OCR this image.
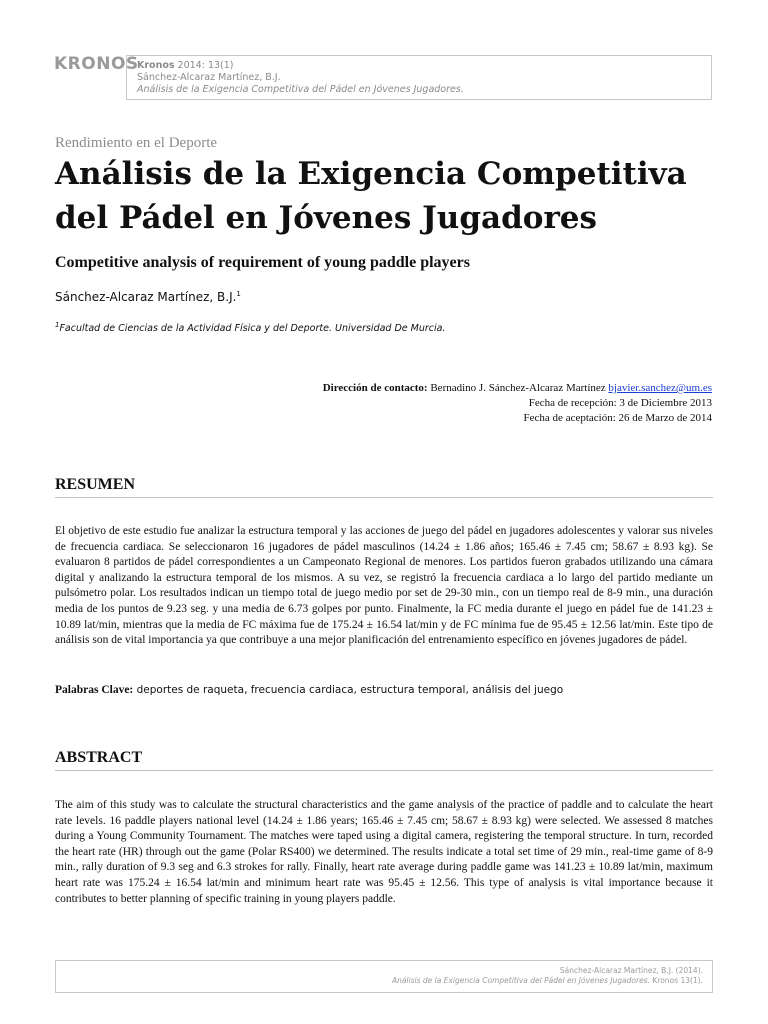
KRONOS
Kronos 2014: 13(1)
Sánchez-Alcaraz Martínez, B.J.
Análisis de la Exigencia Competitiva del Pádel en Jóvenes Jugadores.
Rendimiento en el Deporte
Análisis de la Exigencia Competitiva del Pádel en Jóvenes Jugadores
Competitive analysis of requirement of young paddle players
Sánchez-Alcaraz Martínez, B.J.$^1$
$^1$Facultad de Ciencias de la Actividad Física y del Deporte. Universidad De Murcia.
Dirección de contacto: Bernadino J. Sánchez-Alcaraz Martínez bjavier.sanchez@um.es
Fecha de recepción: 3 de Diciembre 2013
Fecha de aceptación: 26 de Marzo de 2014
RESUMEN

El objetivo de este estudio fue analizar la estructura temporal y las acciones de juego del pádel en jugadores adolescentes y valorar sus niveles de frecuencia cardiaca. Se seleccionaron 16 jugadores de pádel masculinos (14.24 ± 1.86 años; 165.46 ± 7.45 cm; 58.67 ± 8.93 kg). Se evaluaron 8 partidos de pádel correspondientes a un Campeonato Regional de menores. Los partidos fueron grabados utilizando una cámara digital y analizando la estructura temporal de los mismos. A su vez, se registró la frecuencia cardiaca a lo largo del partido mediante un pulsómetro polar. Los resultados indican un tiempo total de juego medio por set de 29-30 min., con un tiempo real de 8-9 min., una duración media de los puntos de 9.23 seg. y una media de 6.73 golpes por punto. Finalmente, la FC media durante el juego en pádel fue de 141.23 ± 10.89 lat/min, mientras que la media de FC máxima fue de 175.24 ± 16.54 lat/min y de FC mínima fue de 95.45 ± 12.56 lat/min. Este tipo de análisis son de vital importancia ya que contribuye a una mejor planificación del entrenamiento específico en jóvenes jugadores de pádel.

Palabras Clave: deportes de raqueta, frecuencia cardiaca, estructura temporal, análisis del juego
ABSTRACT

The aim of this study was to calculate the structural characteristics and the game analysis of the practice of paddle and to calculate the heart rate levels. 16 paddle players national level (14.24 ± 1.86 years; 165.46 ± 7.45 cm; 58.67 ± 8.93 kg) were selected. We assessed 8 matches during a Young Community Tournament. The matches were taped using a digital camera, registering the temporal structure. In turn, recorded the heart rate (HR) through out the game (Polar RS400) we determined. The results indicate a total set time of 29 min., real-time game of 8-9 min., rally duration of 9.3 seg and 6.3 strokes for rally. Finally, heart rate average during paddle game was 141.23 ± 10.89 lat/min, maximum heart rate was 175.24 ± 16.54 lat/min and minimum heart rate was 95.45 ± 12.56. This type of analysis is vital importance because it contributes to better planning of specific training in young players paddle.

Sánchez-Alcaraz Martínez, B.J. (2014).
Análisis de la Exigencia Competitiva del Pádel en Jóvenes Jugadores. Kronos 13(1).
